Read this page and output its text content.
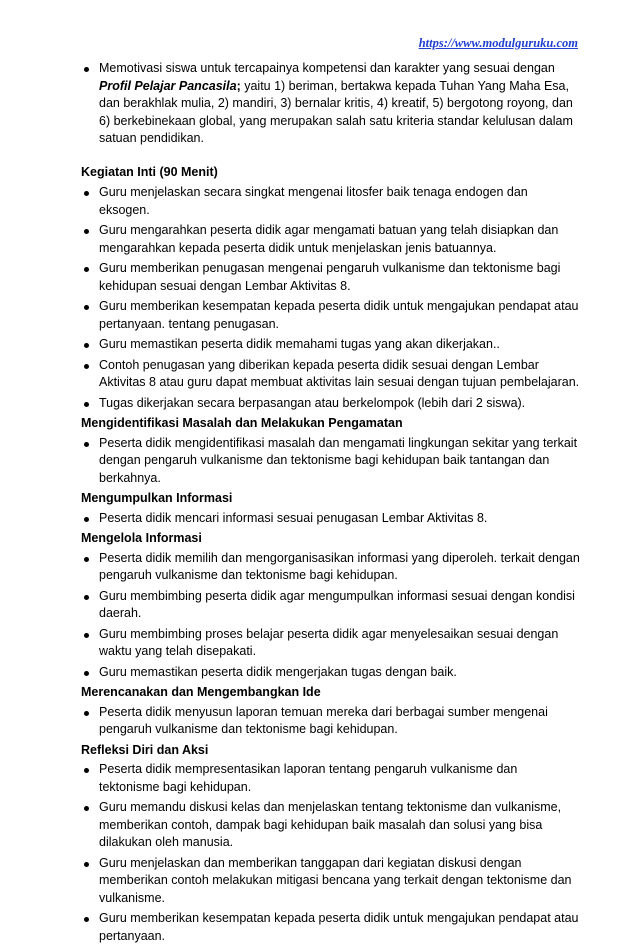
https://www.modulguruku.com
Memotivasi siswa untuk tercapainya kompetensi dan karakter yang sesuai dengan Profil Pelajar Pancasila; yaitu 1) beriman, bertakwa kepada Tuhan Yang Maha Esa, dan berakhlak mulia, 2) mandiri, 3) bernalar kritis, 4) kreatif, 5) bergotong royong, dan 6) berkebinekaan global, yang merupakan salah satu kriteria standar kelulusan dalam satuan pendidikan.
Kegiatan Inti (90 Menit)
Guru menjelaskan secara singkat mengenai litosfer baik tenaga endogen dan eksogen.
Guru mengarahkan peserta didik agar mengamati batuan yang telah disiapkan dan mengarahkan kepada peserta didik untuk menjelaskan jenis batuannya.
Guru memberikan penugasan mengenai pengaruh vulkanisme dan tektonisme bagi kehidupan sesuai dengan Lembar Aktivitas 8.
Guru memberikan kesempatan kepada peserta didik untuk mengajukan pendapat atau pertanyaan. tentang penugasan.
Guru memastikan peserta didik memahami tugas yang akan dikerjakan..
Contoh penugasan yang diberikan kepada peserta didik sesuai dengan Lembar Aktivitas 8 atau guru dapat membuat aktivitas lain sesuai dengan tujuan pembelajaran.
Tugas dikerjakan secara berpasangan atau berkelompok (lebih dari 2 siswa).
Mengidentifikasi Masalah dan Melakukan Pengamatan
Peserta didik mengidentifikasi masalah dan mengamati lingkungan sekitar yang terkait dengan pengaruh vulkanisme dan tektonisme bagi kehidupan baik tantangan dan berkahnya.
Mengumpulkan Informasi
Peserta didik mencari informasi sesuai penugasan Lembar Aktivitas 8.
Mengelola Informasi
Peserta didik memilih dan mengorganisasikan informasi yang diperoleh. terkait dengan pengaruh vulkanisme dan tektonisme bagi kehidupan.
Guru membimbing peserta didik agar mengumpulkan informasi sesuai dengan kondisi daerah.
Guru membimbing proses belajar peserta didik agar menyelesaikan sesuai dengan waktu yang telah disepakati.
Guru memastikan peserta didik mengerjakan tugas dengan baik.
Merencanakan dan Mengembangkan Ide
Peserta didik menyusun laporan temuan mereka dari berbagai sumber mengenai pengaruh vulkanisme dan tektonisme bagi kehidupan.
Refleksi Diri dan Aksi
Peserta didik mempresentasikan laporan tentang pengaruh vulkanisme dan tektonisme bagi kehidupan.
Guru memandu diskusi kelas dan menjelaskan tentang tektonisme dan vulkanisme, memberikan contoh, dampak bagi kehidupan baik masalah dan solusi yang bisa dilakukan oleh manusia.
Guru menjelaskan dan memberikan tanggapan dari kegiatan diskusi dengan memberikan contoh melakukan mitigasi bencana yang terkait dengan tektonisme dan vulkanisme.
Guru memberikan kesempatan kepada peserta didik untuk mengajukan pendapat atau pertanyaan.
